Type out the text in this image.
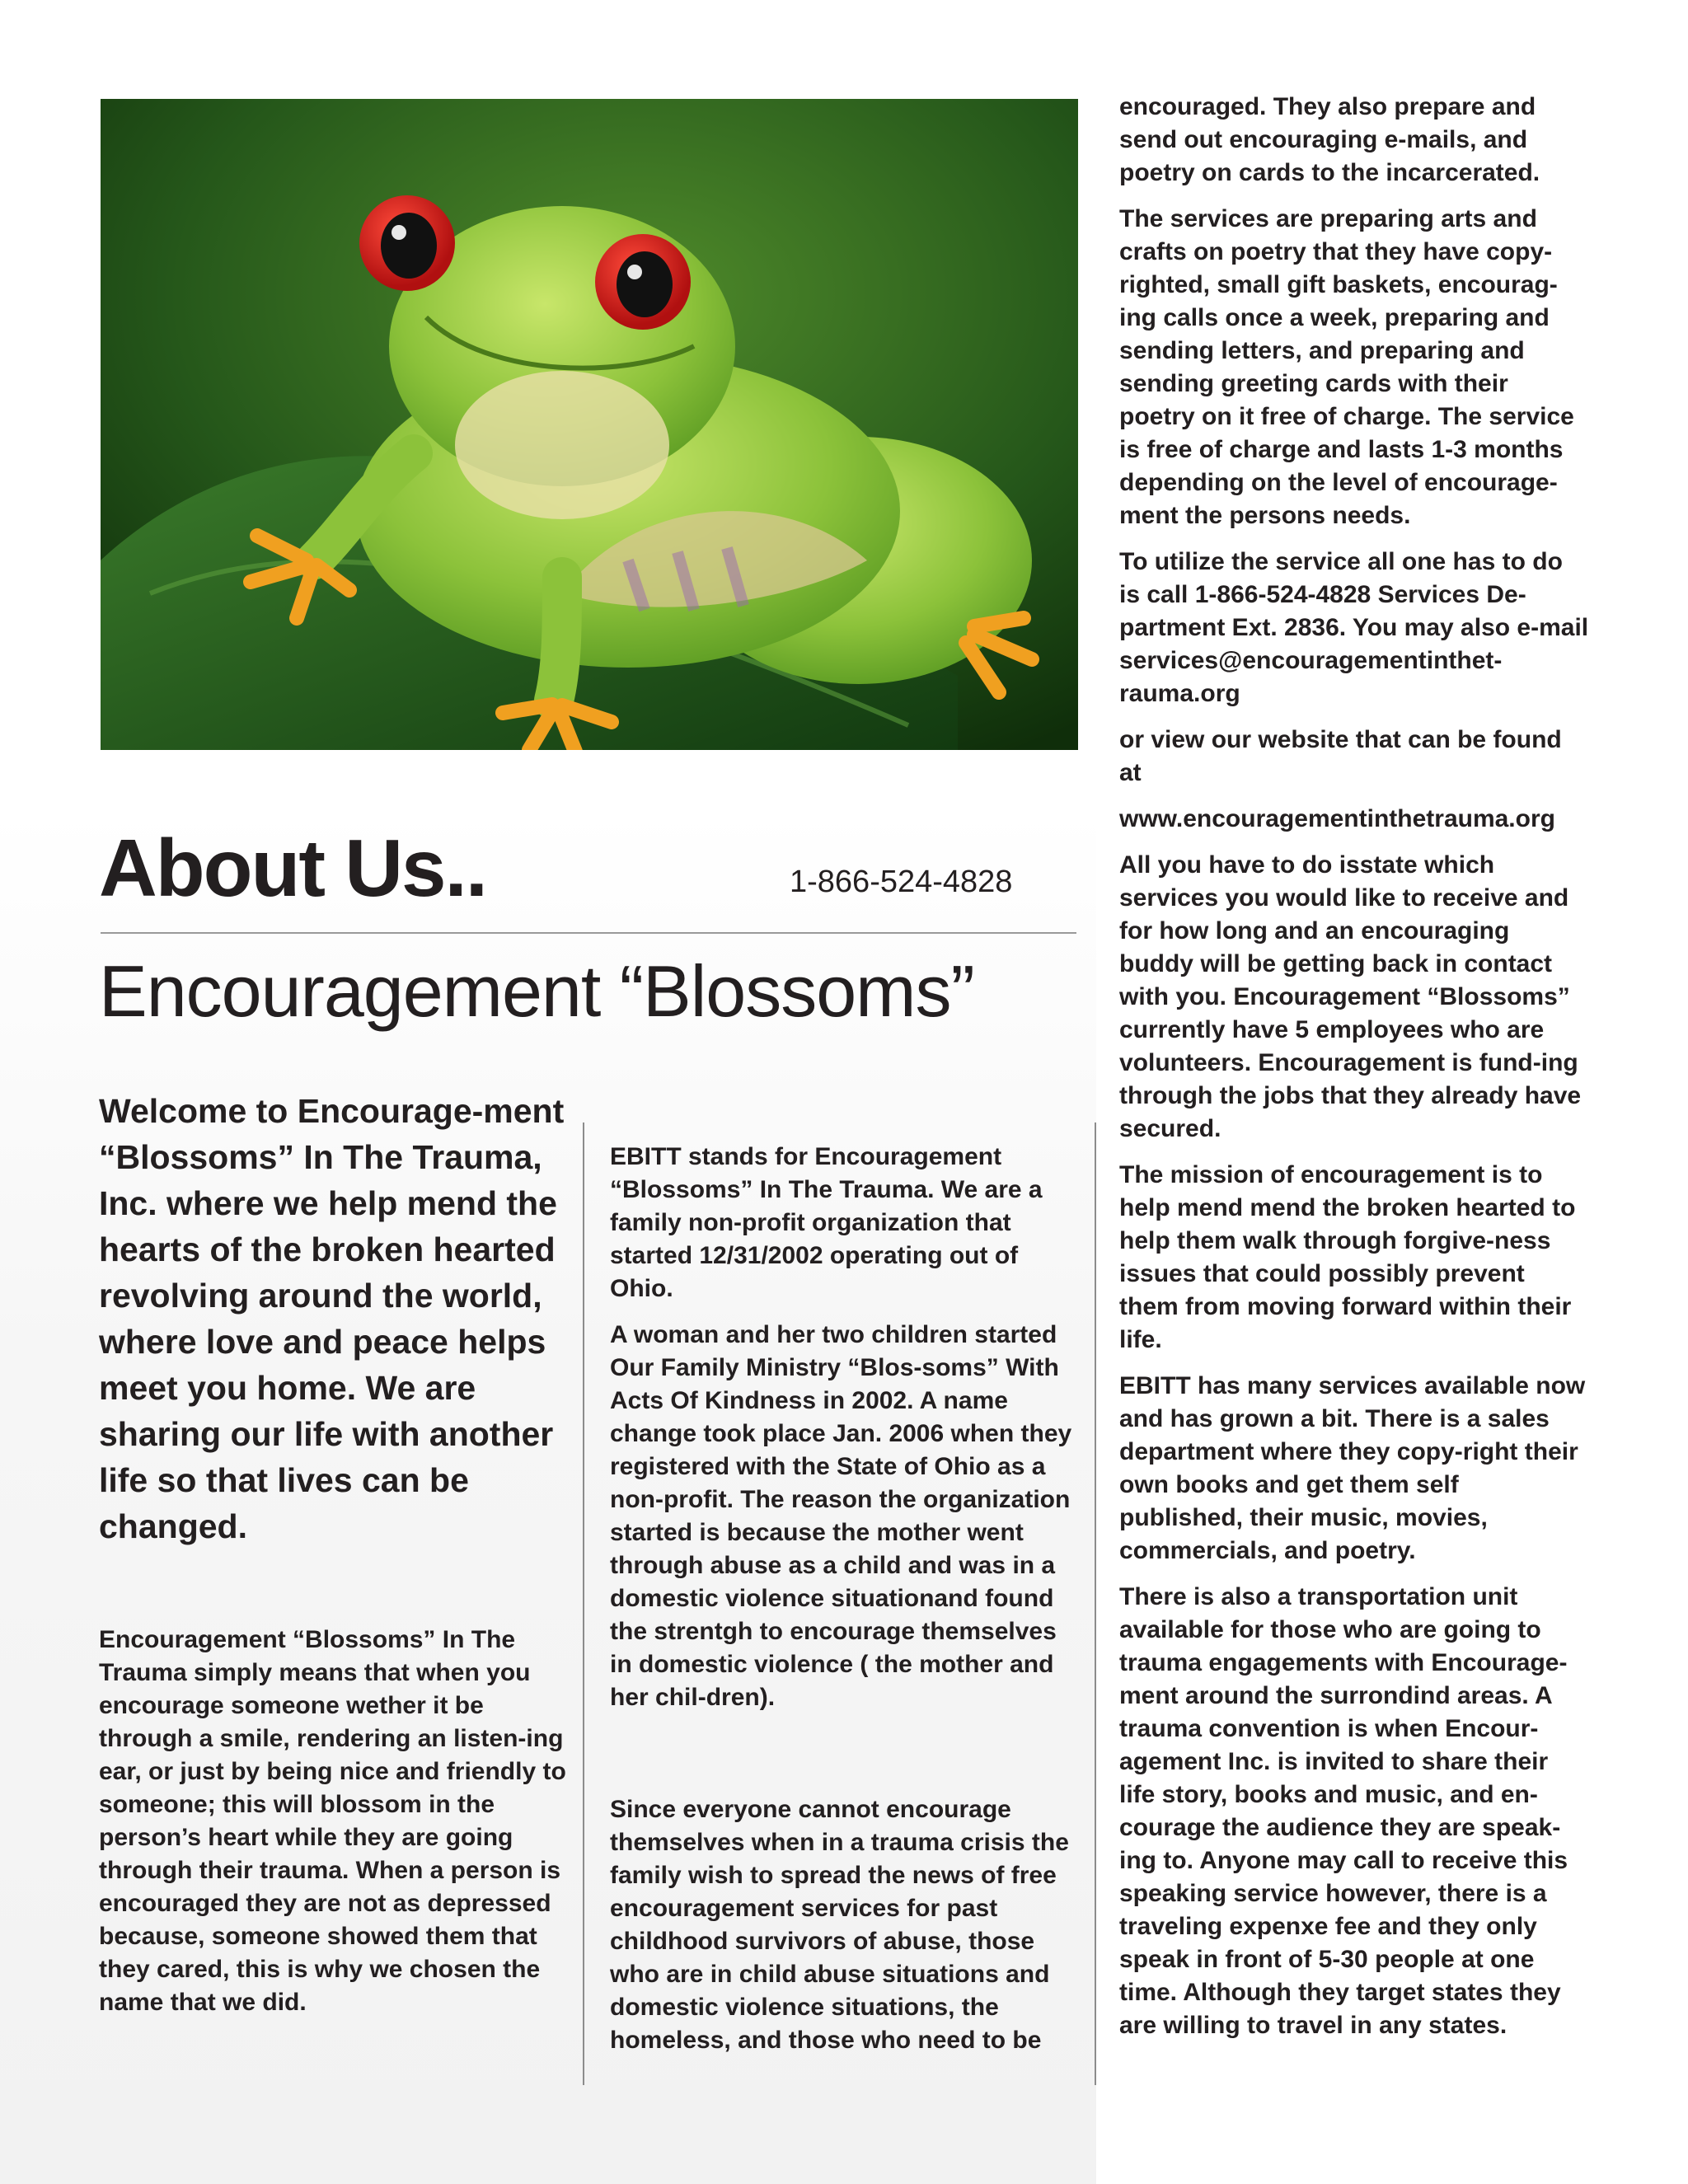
About Us..	1-866-524-4828
Encouragement “Blossoms”

Welcome to Encourage-ment “Blossoms” In The Trauma, Inc. where we help mend the hearts of the broken hearted revolving around the world, where love and peace helps meet you home. We are sharing our life with another life so that lives can be changed.

Encouragement “Blossoms” In The Trauma simply means that when you encourage someone wether it be through a smile, rendering an listen-ing ear, or just by being nice and friendly to someone; this will blossom in the person’s heart while they are going through their trauma. When a person is encouraged they are not as depressed because, someone showed them that they cared, this is why we chosen the name that we did.

EBITT stands for Encouragement “Blossoms” In The Trauma. We are a family non-profit organization that started 12/31/2002 operating out of Ohio.

A woman and her two children started Our Family Ministry “Blos-soms” With Acts Of Kindness in 2002. A name change took place Jan. 2006 when they registered with the State of Ohio as a non-profit. The reason the organization started is because the mother went through abuse as a child and was in a domestic violence situationand found the strentgh to encourage themselves in domestic violence ( the mother and her chil-dren).

Since everyone cannot encourage themselves when in a trauma crisis the family wish to spread the news of free encouragement services for past childhood survivors of abuse, those who are in child abuse situations and domestic violence situations, the homeless, and those who need to be

encouraged. They also prepare and send out encouraging e-mails, and poetry on cards to the incarcerated.

The services are preparing arts and crafts on poetry that they have copy-righted, small gift baskets, encourag-ing calls once a week, preparing and sending letters, and preparing and sending greeting cards with their poetry on it free of charge. The service is free of charge and lasts 1-3 months depending on the level of encourage-ment the persons needs.

To utilize the service all one has to do is call 1-866-524-4828 Services De-partment Ext. 2836. You may also e-mail services@encouragementinthet-rauma.org

or view our website that can be found at

www.encouragementinthetrauma.org

All you have to do isstate which services you would like to receive and for how long and an encouraging buddy will be getting back in contact with you. Encouragement “Blossoms” currently have 5 employees who are volunteers. Encouragement is fund-ing through the jobs that they already have secured.

The mission of encouragement is to help mend mend the broken hearted to help them walk through forgive-ness issues that could possibly prevent them from moving forward within their life.

EBITT has many services available now and has grown a bit. There is a sales department where they copy-right their own books and get them self published, their music, movies, commercials, and poetry.

There is also a transportation unit available for those who are going to trauma engagements with Encourage-ment around the surrondind areas. A trauma convention is when Encour-agement Inc. is invited to share their life story, books and music, and en-courage the audience they are speak-ing to. Anyone may call to receive this speaking service however, there is a traveling expenxe fee and they only speak in front of 5-30 people at one time. Although they target states they are willing to travel in any states.
